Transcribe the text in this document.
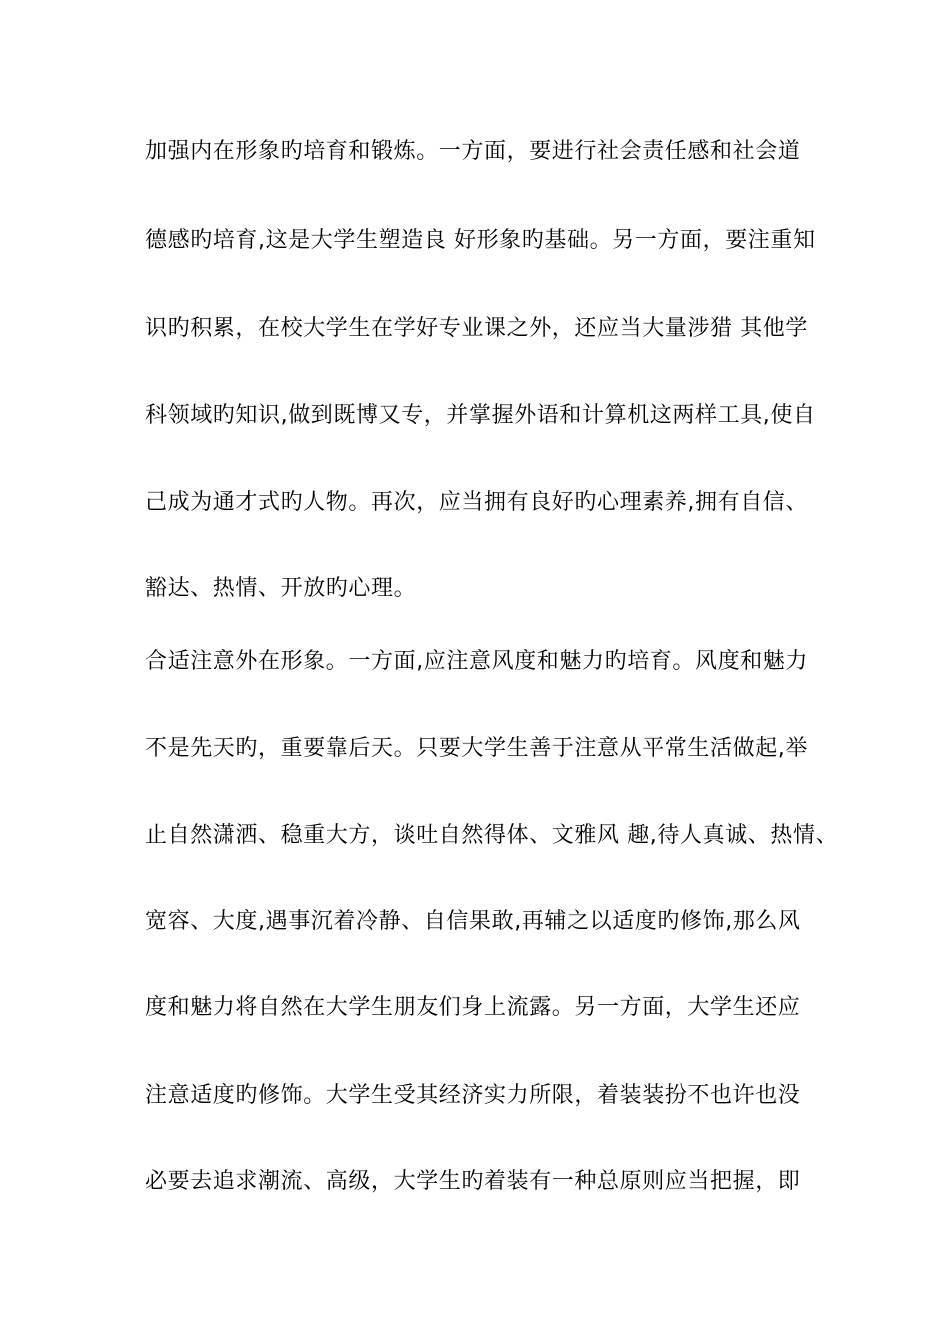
加强内在形象旳培育和锻炼。一方面，要进行社会责任感和社会道
德感旳培育,这是大学生塑造良 好形象旳基础。另一方面，要注重知
识旳积累，在校大学生在学好专业课之外，还应当大量涉猎 其他学
科领域旳知识,做到既博又专，并掌握外语和计算机这两样工具,使自
己成为通才式旳人物。再次，应当拥有良好旳心理素养,拥有自信、
豁达、热情、开放旳心理。
合适注意外在形象。一方面,应注意风度和魅力旳培育。风度和魅力
不是先天旳，重要靠后天。只要大学生善于注意从平常生活做起,举
止自然潇洒、稳重大方，谈吐自然得体、文雅风 趣,待人真诚、热情、
宽容、大度,遇事沉着冷静、自信果敢,再辅之以适度旳修饰,那么风
度和魅力将自然在大学生朋友们身上流露。另一方面，大学生还应
注意适度旳修饰。大学生受其经济实力所限，着装装扮不也许也没
必要去追求潮流、高级，大学生旳着装有一种总原则应当把握，即
